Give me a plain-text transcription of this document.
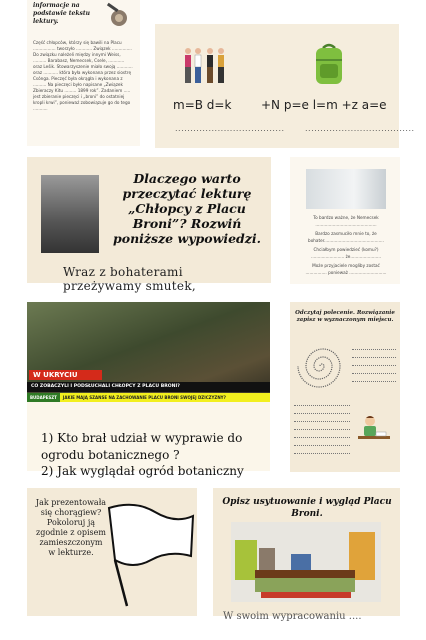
informacje na podstawie tekstu lektury.
Część chłopców, którzy się bawili na Placu ................. tworzyło ............ Związek ............... Do związku należeli między innymi Weiss, .......... Barabasz, Nemecsek, Csele, ............ oraz Leśik. Stowarzyszenie miało swoją ............ oraz ........... która była wykonana przez siostrę Csónga. Pieczęć była okrągła i wykonana z .......... Na pieczęci było napisane „Związek Zbieraczy Kitu ......... 1899 rok”. Zadaniem ..... jest zbieranie pieczęci i „broni” do ostatniej kropli krwi”, ponieważ zobowiązuje go do tego ...........	m=B d=k +N p=e l=m +z a=e
....................................	....................................
Dlaczego warto przeczytać lekturę „Chłopcy z Placu Broni”? Rozwiń poniższe wypowiedzi.
Wraz z bohaterami przeżywamy smutek,
To bardzo ważne, że Nemecsek
..............................................
Bardzo zasmuciło mnie to, że
bohater.............................................
Chciałbym powiedzieć (komu?)
......................... że.......................
Może przyjaciele mogliby zostać
................ ponieważ ............................
W UKRYCIU
CO ZOBACZYLI I PODSŁUCHALI CHŁOPCY Z PLACU BRONI?
BUDAPESZT JAKIE MAJĄ SZANSE NA ZACHOWANIE PLACU BRONI SWOJEJ DZICZYZNY?
1) Kto brał udział w wyprawie do ogrodu botanicznego ?
2) Jak wyglądał ogród botaniczny
Odczytaj polecenie. Rozwiązanie zapisz w wyznaczonym miejscu.
Jak prezentowała się chorągiew? Pokoloruj ją zgodnie z opisem zamieszczonym w lekturze.
Opisz usytuowanie i wygląd Placu Broni.
W swoim wypracowaniu ....
